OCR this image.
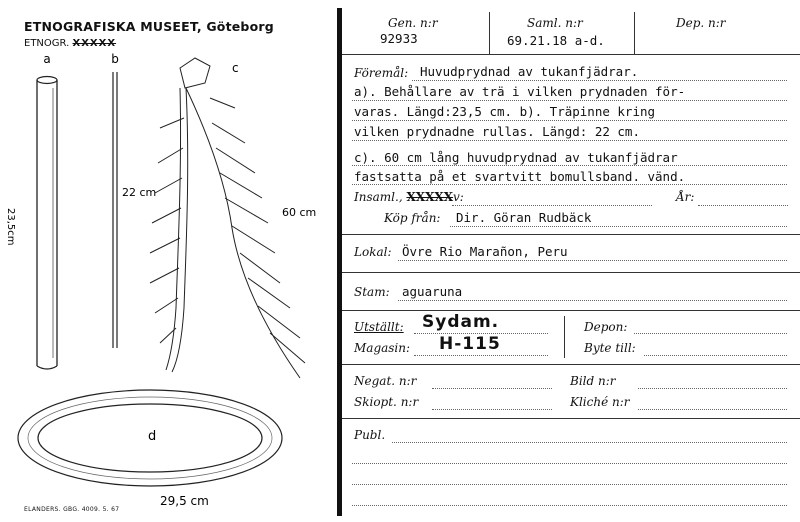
ETNOGRAFISKA MUSEET, Göteborg
ETNOGR. XXXXX
a
23,5cm
b
22 cm
c
60 cm
d
29,5 cm
ELANDERS. GBG. 4009. 5. 67
Gen. n:r
92933
Saml. n:r
69.21.18 a-d.
Dep. n:r
Föremål: Huvudprydnad av tukanfjädrar.
a). Behållare av trä i vilken prydnaden för-
varas. Längd:23,5 cm. b). Träpinne kring
vilken prydnadne rullas. Längd: 22 cm.
c). 60 cm lång huvudprydnad av tukanfjädrar
fastsatta på et svartvitt bomullsband. vänd.
Insaml., XXXXXv:	År:
Köp från: Dir. Göran Rudbäck
Lokal: Övre Rio Marañon, Peru
Stam: aguaruna
Utställt: Sydam.
Magasin: H-115
Depon:
Byte till:
Negat. n:r	Bild n:r
Skiopt. n:r	Kliché n:r
Publ.
